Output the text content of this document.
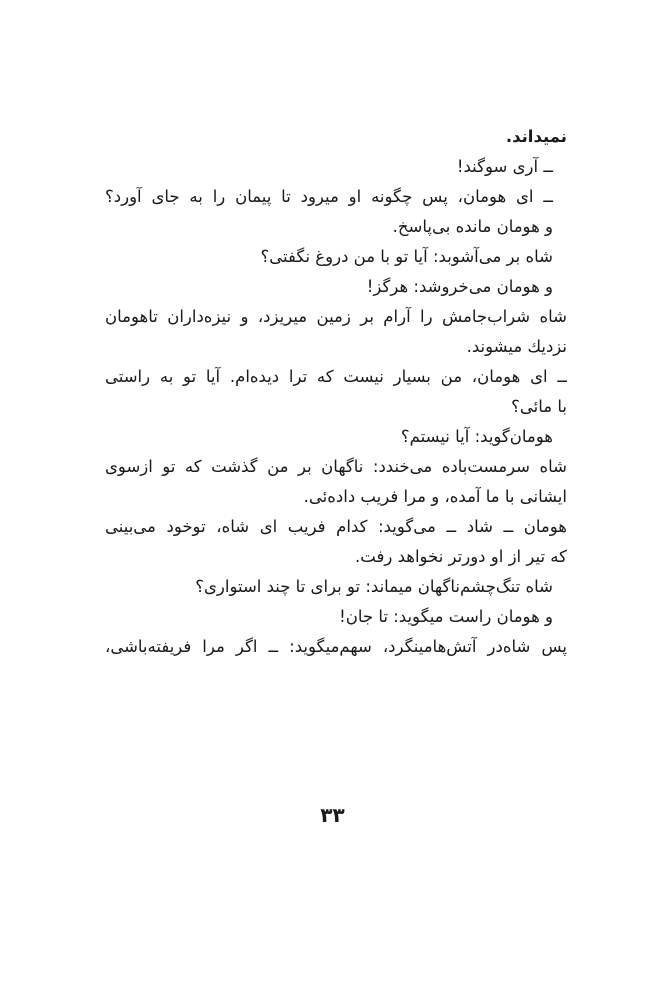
نمیداند.
ــ آری سوگند!
ــ ای هومان، پس چگونه او میرود تا پیمان را به جای آورد؟
و هومان مانده بی‌پاسخ.
شاه بر می‌آشوبد: آیا تو با من دروغ نگفتی؟
و هومان می‌خروشد: هرگز!
شاه شراب‌جامش را آرام بر زمین میریزد، و نیزه‌داران تاهومان
نزدیك میشوند.
ــ ای هومان، من بسیار نیست که ترا دیده‌ام. آیا تو به راستی
با مائی؟
هومان‌گوید: آیا نیستم؟
شاه سرمست‌باده می‌خندد: ناگهان بر من گذشت که تو ازسوی
ایشانی با ما آمده، و مرا فریب داده‌ئی.
هومان ــ شاد ــ می‌گوید: کدام فریب ای شاه، توخود می‌بینی
که تیر از او دورتر نخواهد رفت.
شاه تنگ‌چشم‌ناگهان میماند: تو برای تا چند استواری؟
و هومان راست میگوید: تا جان!
پس شاه‌در آتش‌هامینگرد، سهم‌میگوید: ــ اگر مرا فریفته‌باشی،
۳۳
